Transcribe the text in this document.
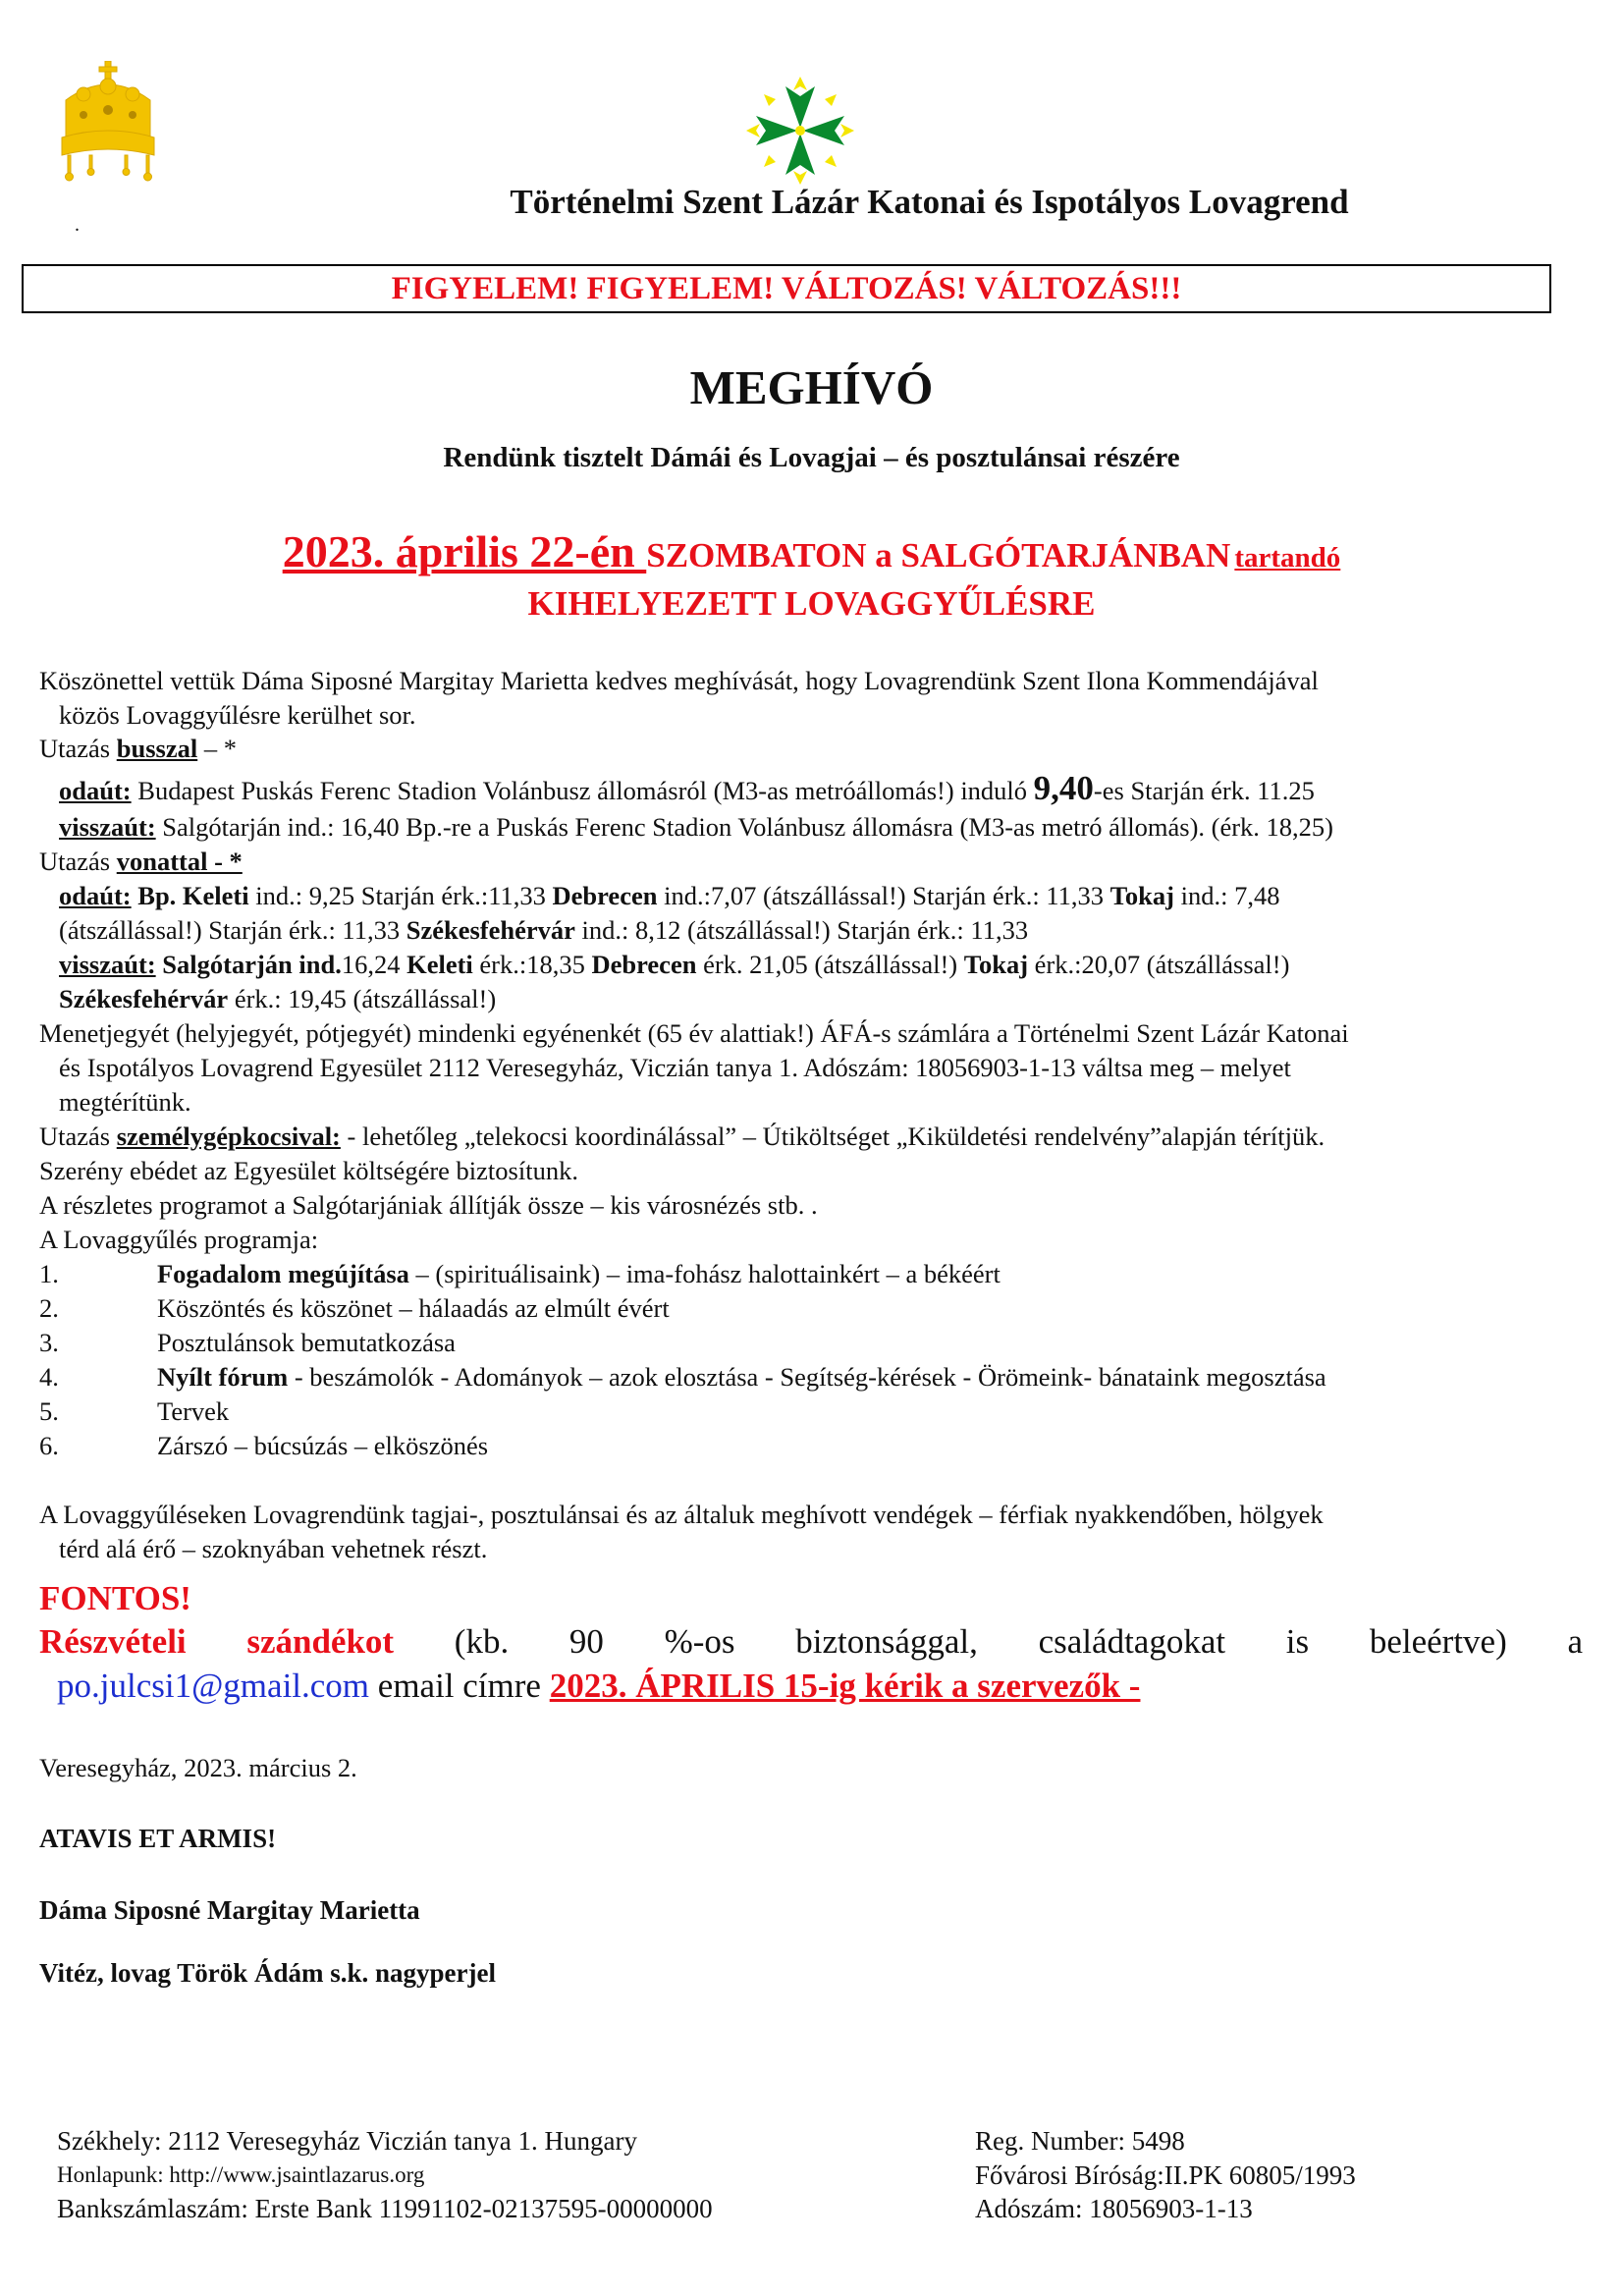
.
Történelmi Szent Lázár Katonai és Ispotályos Lovagrend
FIGYELEM! FIGYELEM! VÁLTOZÁS! VÁLTOZÁS!!!
MEGHÍVÓ
Rendünk tisztelt Dámái és Lovagjai – és posztulánsai részére
2023. április 22-én SZOMBATON a SALGÓTARJÁNBAN tartandó
KIHELYEZETT LOVAGGYŰLÉSRE
Köszönettel vettük Dáma Siposné Margitay Marietta kedves meghívását, hogy Lovagrendünk Szent Ilona Kommendájával
közös Lovaggyűlésre kerülhet sor.
Utazás busszal – *
odaút: Budapest Puskás Ferenc Stadion Volánbusz állomásról (M3-as metróállomás!) induló 9,40-es Starján érk. 11.25
visszaút: Salgótarján ind.: 16,40 Bp.-re a Puskás Ferenc Stadion Volánbusz állomásra (M3-as metró állomás). (érk. 18,25)
Utazás vonattal - *
odaút: Bp. Keleti ind.: 9,25 Starján érk.:11,33 Debrecen ind.:7,07 (átszállással!) Starján érk.: 11,33 Tokaj ind.: 7,48
(átszállással!) Starján érk.: 11,33 Székesfehérvár ind.: 8,12 (átszállással!) Starján érk.: 11,33
visszaút: Salgótarján ind.16,24 Keleti érk.:18,35 Debrecen érk. 21,05 (átszállással!) Tokaj érk.:20,07 (átszállással!)
Székesfehérvár érk.: 19,45 (átszállással!)
Menetjegyét (helyjegyét, pótjegyét) mindenki egyénenkét (65 év alattiak!) ÁFÁ-s számlára a Történelmi Szent Lázár Katonai
és Ispotályos Lovagrend Egyesület 2112 Veresegyház, Viczián tanya 1. Adószám: 18056903-1-13 váltsa meg – melyet
megtérítünk.
Utazás személygépkocsival: - lehetőleg „telekocsi koordinálással” – Útiköltséget „Kiküldetési rendelvény”alapján térítjük.
Szerény ebédet az Egyesület költségére biztosítunk.
A részletes programot a Salgótarjániak állítják össze – kis városnézés stb. .
A Lovaggyűlés programja:
1.	Fogadalom megújítása – (spirituálisaink) – ima-fohász halottainkért – a békéért
2.	Köszöntés és köszönet – hálaadás az elmúlt évért
3.	Posztulánsok bemutatkozása
4.	Nyílt fórum - beszámolók - Adományok – azok elosztása - Segítség-kérések - Örömeink- bánataink megosztása
5.	Tervek
6.	Zárszó – búcsúzás – elköszönés
A Lovaggyűléseken Lovagrendünk tagjai-, posztulánsai és az általuk meghívott vendégek – férfiak nyakkendőben, hölgyek
térd alá érő – szoknyában vehetnek részt.
FONTOS!
Részvételi szándékot (kb. 90 %-os biztonsággal, családtagokat is beleértve) a
po.julcsi1@gmail.com email címre 2023. ÁPRILIS 15-ig kérik a szervezők -
Veresegyház, 2023. március 2.
ATAVIS ET ARMIS!
Dáma Siposné Margitay Marietta
Vitéz, lovag Török Ádám s.k. nagyperjel
Székhely: 2112 Veresegyház Viczián tanya 1. Hungary
Honlapunk: http://www.jsaintlazarus.org
Bankszámlaszám: Erste Bank 11991102-02137595-00000000
Reg. Number: 5498
Fővárosi Bíróság:II.PK 60805/1993
Adószám: 18056903-1-13
